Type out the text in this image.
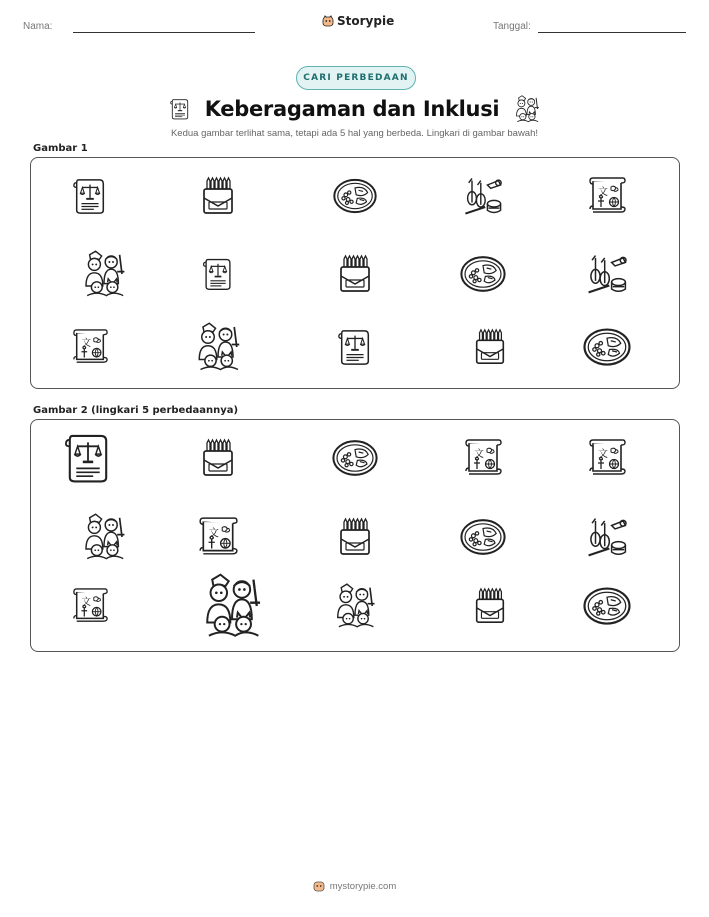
Nama:	Storypie	Tanggal:
CARI PERBEDAAN
Keberagaman dan Inklusi
Kedua gambar terlihat sama, tetapi ada 5 hal yang berbeda. Lingkari di gambar bawah!
Gambar 1
Gambar 2 (lingkari 5 perbedaannya)
mystorypie.com
